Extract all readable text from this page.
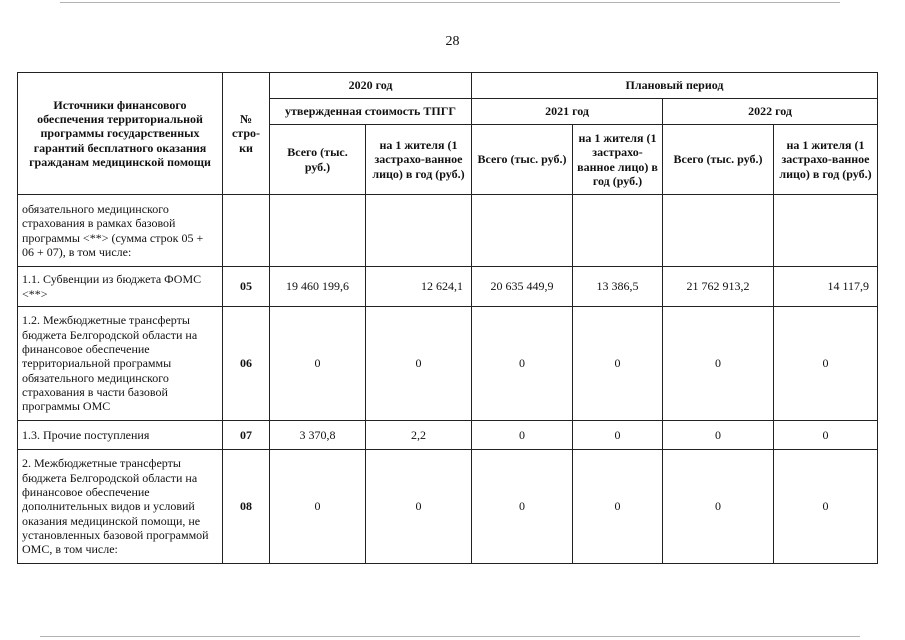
28
Источники финансового обеспечения территориальной программы государственных гарантий бесплатного оказания гражданам медицинской помощи	№ стро-ки	2020 год		Плановый период			
		утвержденная стоимость ТПГГ		2021 год		2022 год	
		Всего (тыс. руб.)	на 1 жителя (1 застрахо-ванное лицо) в год (руб.)	Всего (тыс. руб.)	на 1 жителя (1 застрахо-ванное лицо) в год (руб.)	Всего (тыс. руб.)	на 1 жителя (1 застрахо-ванное лицо) в год (руб.)
обязательного медицинского страхования в рамках базовой программы <**> (сумма строк 05 + 06 + 07), в том числе:							
1.1. Субвенции из бюджета ФОМС <**>	05	19 460 199,6	12 624,1	20 635 449,9	13 386,5	21 762 913,2	14 117,9
1.2. Межбюджетные трансферты бюджета Белгородской области на финансовое обеспечение территориальной программы обязательного медицинского страхования в части базовой программы ОМС	06	0	0	0	0	0	0
1.3. Прочие поступления	07	3 370,8	2,2	0	0	0	0
2. Межбюджетные трансферты бюджета Белгородской области на финансовое обеспечение дополнительных видов и условий оказания медицинской помощи, не установленных базовой программой ОМС, в том числе:	08	0	0	0	0	0	0
